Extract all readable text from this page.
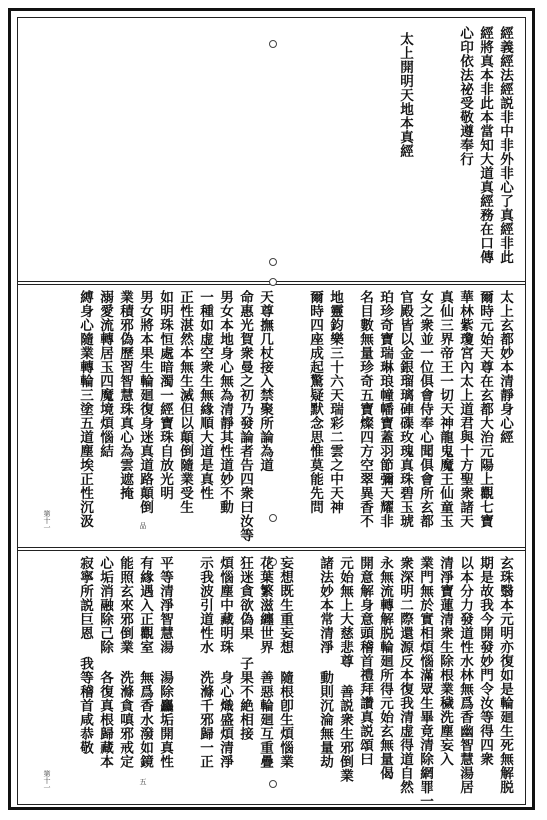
經義經法經説非中非外非心了真經非此
經將真本非此本當知大道真經務在口傳
心印依法祕受敬遵奉行
太上開明天地本真經
太上玄都妙本清靜身心經
爾時元始天尊在玄都大治元陽上觀七寶
華林紫瓊宮內太上道君與十方聖衆諸天
真仙三界帝王一切天神龍鬼魔王仙童玉
女之衆並一位俱會侍奉心聞俱會所玄都
官殿皆以金銀瑠璃硨磲玫瑰真珠碧玉琥
珀珍奇寶瑞琳琅幢幡寶蓋羽節彌天耀非
名目數無量珍奇五寶燦四方空翠異香不
地靈鈞樂三十六天瑞彩二雲之中天神
爾時四座成起驚疑默念思惟莫能先問
天尊撫几杖接入禁聚所論為道
命惠光賀衆曼之初乃發論者告四衆曰汝等
男女本地身心無為清靜其性道妙不動
一種如虚空衆生無緣順大道是真性
正性湛然本無生滅但以顛倒隨業受生
如明珠恒處暗濁一經寶珠自放光明
男女將本果生輪廻復身迷真道路顛倒
業積邪偽歷習智慧珠真心為雲遮掩
溺愛流轉居玉四魔境煩惱結
縛身心隨業轉輪三塗五道塵埃正性沉汲	品
第十一
玄珠翳本元明亦復如是輪廻生死無解脱
期是故我今開發妙門令汝等得四衆
以本分力發道性水林無爲香幽智慧湯居
清淨寶蓮清衆生除根業穢洗塵妄入
業門無於實相煩惱滿眾生畢竟清除網罪一
衆深明二際還源反本復我清虚得道自然
永無流轉解脱輪廻所得元始玄無量偈
開意解身意頭稽首禮拜讚真説頌曰
元始無上大慈悲尊 善説衆生邪倒業
諸法妙本常清淨 動則沉淪無量劫
妄想既生重妄想 隨根卽生煩惱業
花葉繁滋纏世界 善惡輪廻互重疊
狂迷貪欲偽果 子果不絶相接
煩惱塵中藏明珠 身心熾盛煩清淨
示我波引道性水 洗滌千邪歸一正
平等清淨智慧湯 湯除麤垢開真性
有緣遇入正觀室 無爲香水潑如鏡
能照玄來邪倒業 洗滌貪嗔邪戒定
心垢消融除己除 各復真根歸藏本
寂寧所説巨恩 我等稽首咸恭敬
五
第十一
